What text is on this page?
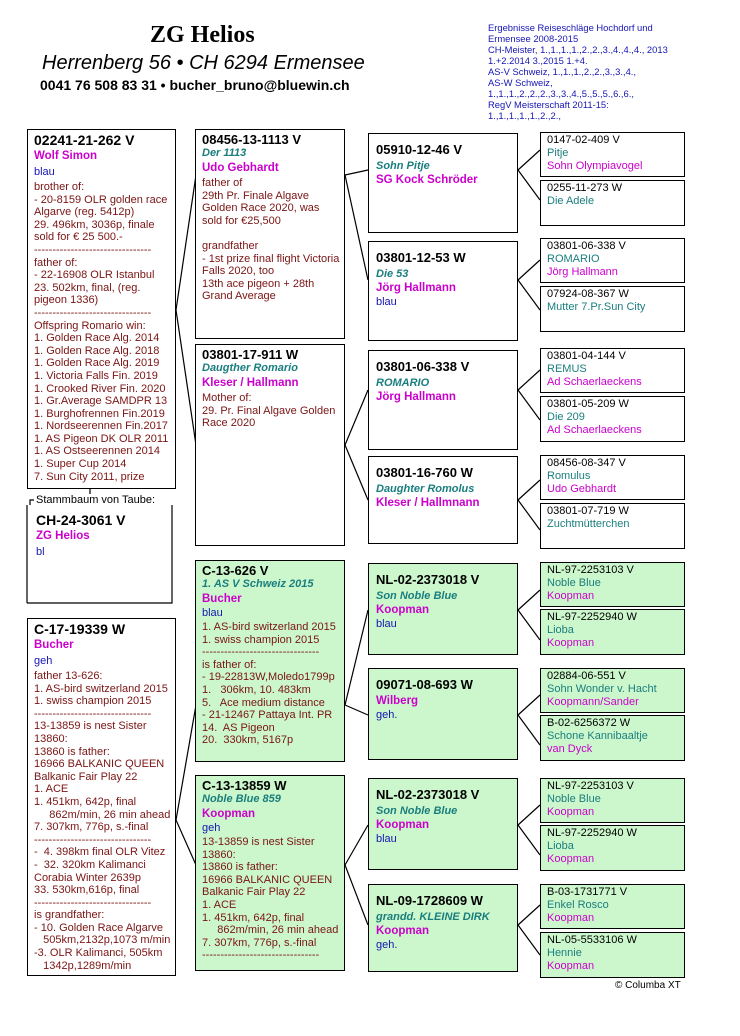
ZG Helios
Herrenberg 56 • CH 6294 Ermensee
0041 76 508 83 31 • bucher_bruno@bluewin.ch
Ergebnisse Reiseschläge Hochdorf und
Ermensee 2008-2015
CH-Meister, 1.,1.,1.,1.,2.,2.,3.,4.,4.,4., 2013
1.+2.2014 3.,2015 1.+4.
AS-V Schweiz, 1.,1.,1.,2.,2.,3.,3.,4.,
AS-W Schweiz,
1.,1.,1.,2.,2.,2.,3.,3.,4.,5.,5.,5.,6.,6.,
RegV Meisterschaft 2011-15:
1.,1.,1.,1.,1.,2.,2.,
02241-21-262 V
Wolf Simon
blau
brother of:
- 20-8159 OLR golden race
Algarve (reg. 5412p)
29. 496km, 3036p, finale
sold for € 25 500.-
--------------------------------
father of:
- 22-16908 OLR Istanbul
23. 502km, final, (reg.
pigeon 1336)
--------------------------------
Offspring Romario win:
1. Golden Race Alg. 2014
1. Golden Race Alg. 2018
1. Golden Race Alg. 2019
1. Victoria Falls Fin. 2019
1. Crooked River Fin. 2020
1. Gr.Average SAMDPR 13
1. Burghofrennen Fin.2019
1. Nordseerennen Fin.2017
1. AS Pigeon DK OLR 2011
1. AS Ostseerennen 2014
1. Super Cup 2014
7. Sun City 2011, prize
Stammbaum von Taube:
CH-24-3061 V
ZG Helios
bl
C-17-19339 W
Bucher
geh
father 13-626:
1. AS-bird switzerland 2015
1. swiss champion 2015
--------------------------------
13-13859 is nest Sister
13860:
13860 is father:
16966 BALKANIC QUEEN
Balkanic Fair Play 22
1. ACE
1. 451km, 642p, final
862m/min, 26 min ahead
7. 307km, 776p, s.-final
--------------------------------
-  4. 398km final OLR Vitez
-  32. 320km Kalimanci
Corabia Winter 2639p
33. 530km,616p, final
--------------------------------
is grandfather:
- 10. Golden Race Algarve
505km,2132p,1073 m/min
-3. OLR Kalimanci, 505km
1342p,1289m/min
08456-13-1113 V
Der 1113
Udo Gebhardt
father of
29th Pr. Finale Algave
Golden Race 2020, was
sold for €25,500

grandfather
- 1st prize final flight Victoria
Falls 2020, too
13th ace pigeon + 28th
Grand Average
03801-17-911 W
Daugther Romario
Kleser / Hallmann
Mother of:
29. Pr. Final Algave Golden
Race 2020
C-13-626 V
1. AS V Schweiz 2015
Bucher
blau
1. AS-bird switzerland 2015
1. swiss champion 2015
--------------------------------
is father of:
- 19-22813W,Moledo1799p
1.   306km, 10. 483km
5.   Ace medium distance
- 21-12467 Pattaya Int. PR
14.  AS Pigeon
20.  330km, 5167p
C-13-13859 W
Noble Blue 859
Koopman
geh
13-13859 is nest Sister
13860:
13860 is father:
16966 BALKANIC QUEEN
Balkanic Fair Play 22
1. ACE
1. 451km, 642p, final
862m/min, 26 min ahead
7. 307km, 776p, s.-final
--------------------------------
05910-12-46 V
Sohn Pitje
SG Kock Schröder
03801-12-53 W
Die 53
Jörg Hallmann
blau
03801-06-338 V
ROMARIO
Jörg Hallmann
03801-16-760 W
Daughter Romolus
Kleser / Hallmnann
NL-02-2373018 V
Son Noble Blue
Koopman
blau
09071-08-693 W
Wilberg
geh.
NL-02-2373018 V
Son Noble Blue
Koopman
blau
NL-09-1728609 W
grandd. KLEINE DIRK
Koopman
geh.
0147-02-409 V
Pitje
Sohn Olympiavogel
0255-11-273 W
Die Adele
03801-06-338 V
ROMARIO
Jörg Hallmann
07924-08-367 W
Mutter 7.Pr.Sun City
03801-04-144 V
REMUS
Ad Schaerlaeckens
03801-05-209 W
Die 209
Ad Schaerlaeckens
08456-08-347 V
Romulus
Udo Gebhardt
03801-07-719 W
Zuchtmütterchen
NL-97-2253103 V
Noble Blue
Koopman
NL-97-2252940 W
Lioba
Koopman
02884-06-551 V
Sohn Wonder v. Hacht
Koopmann/Sander
B-02-6256372 W
Schone Kannibaaltje
van Dyck
NL-97-2253103 V
Noble Blue
Koopman
NL-97-2252940 W
Lioba
Koopman
B-03-1731771 V
Enkel Rosco
Koopman
NL-05-5533106 W
Hennie
Koopman
© Columba XT
